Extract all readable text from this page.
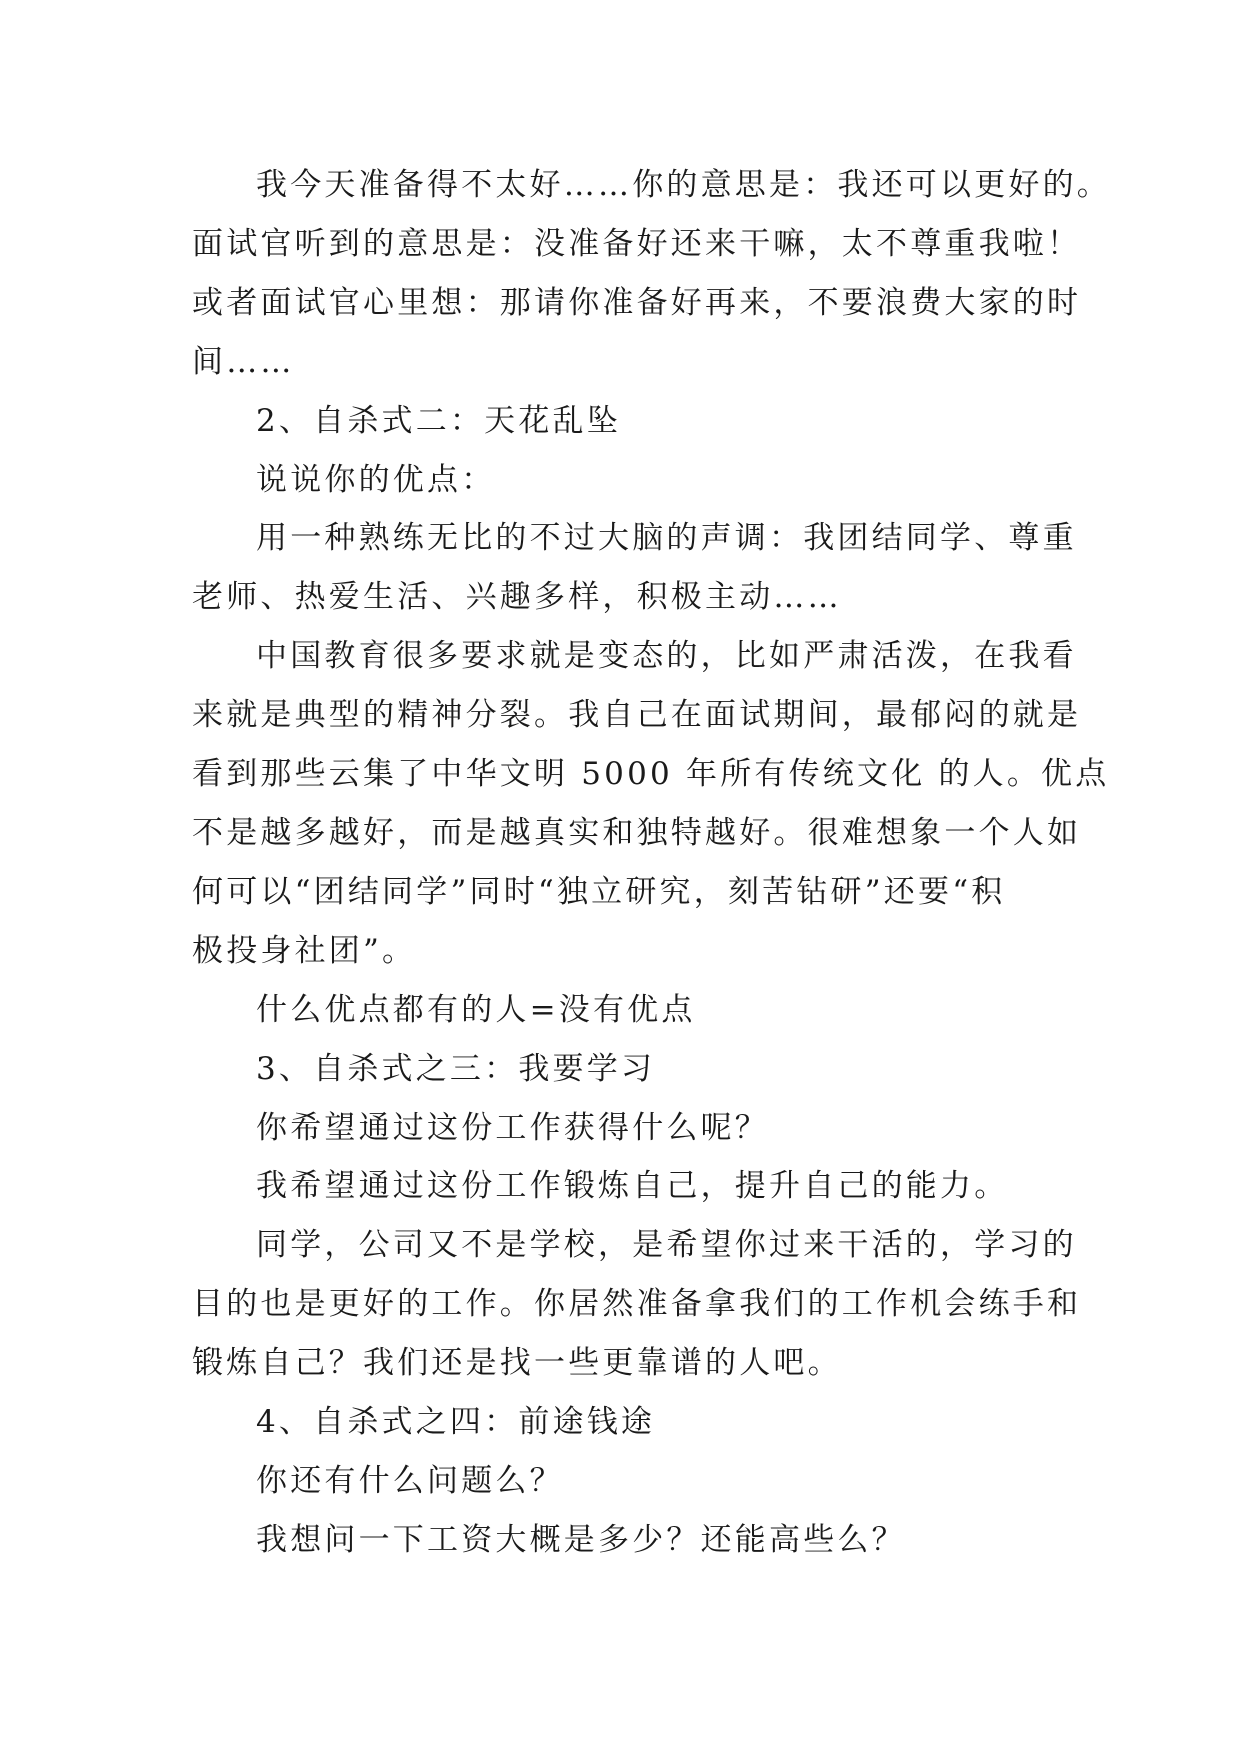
我今天准备得不太好……你的意思是：我还可以更好的。
面试官听到的意思是：没准备好还来干嘛，太不尊重我啦！
或者面试官心里想：那请你准备好再来，不要浪费大家的时
间……

2、自杀式二：天花乱坠

说说你的优点：

用一种熟练无比的不过大脑的声调：我团结同学、尊重
老师、热爱生活、兴趣多样，积极主动……

中国教育很多要求就是变态的，比如严肃活泼，在我看
来就是典型的精神分裂。我自己在面试期间，最郁闷的就是
看到那些云集了中华文明 5000 年所有传统文化 的人。优点
不是越多越好，而是越真实和独特越好。很难想象一个人如
何可以“团结同学”同时“独立研究，刻苦钻研”还要“积
极投身社团”。

什么优点都有的人=没有优点

3、自杀式之三：我要学习

你希望通过这份工作获得什么呢？

我希望通过这份工作锻炼自己，提升自己的能力。

同学，公司又不是学校，是希望你过来干活的，学习的
目的也是更好的工作。你居然准备拿我们的工作机会练手和
锻炼自己？我们还是找一些更靠谱的人吧。

4、自杀式之四：前途钱途

你还有什么问题么？

我想问一下工资大概是多少？还能高些么？
